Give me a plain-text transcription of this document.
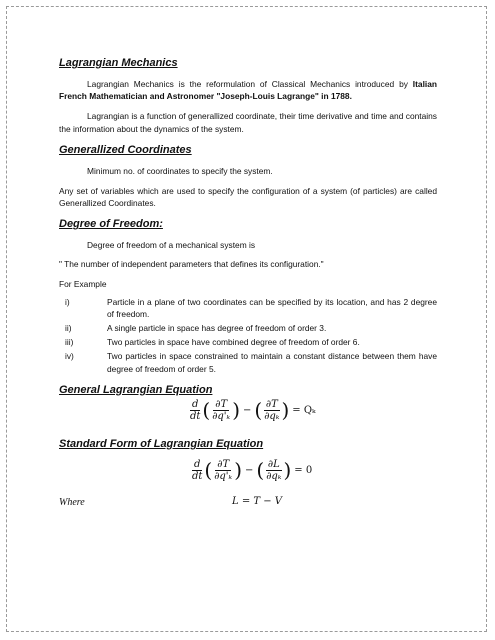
Lagrangian Mechanics

Lagrangian Mechanics is the reformulation of Classical Mechanics introduced by Italian French Mathematician and Astronomer "Joseph-Louis Lagrange" in 1788.

Lagrangian is a function of generallized coordinate, their time derivative and time and contains the information about the dynamics of the system.

Generallized Coordinates

Minimum no. of coordinates to specify the system.

Any set of variables which are used to specify the configuration of a system (of particles) are called Generallized Coordinates.

Degree of Freedom:

Degree of freedom of a mechanical system is

" The number of independent parameters that defines its configuration."

For Example

i)	Particle in a plane of two coordinates can be specified by its location, and has 2 degree of freedom.
ii)	A single particle in space has degree of freedom of order 3.
iii)	Two particles in space have combined degree of freedom of order 6.
iv)	Two particles in space constrained to maintain a constant distance between them have degree of freedom of order 5.
General Lagrangian Equation
$\frac{d}{dt}$ ( $\frac{\partial T}{\text{∂q'ₖ}}$ ) − ( $\frac{\partial T}{\text{∂qₖ}}$ ) = Qₖ
Standard Form of Lagrangian Equation
$\frac{d}{dt}$ ( $\frac{\partial T}{\text{∂q'ₖ}}$ ) − ( $\frac{\partial L}{\text{∂qₖ}}$ ) = 0
Where	L = T − V
